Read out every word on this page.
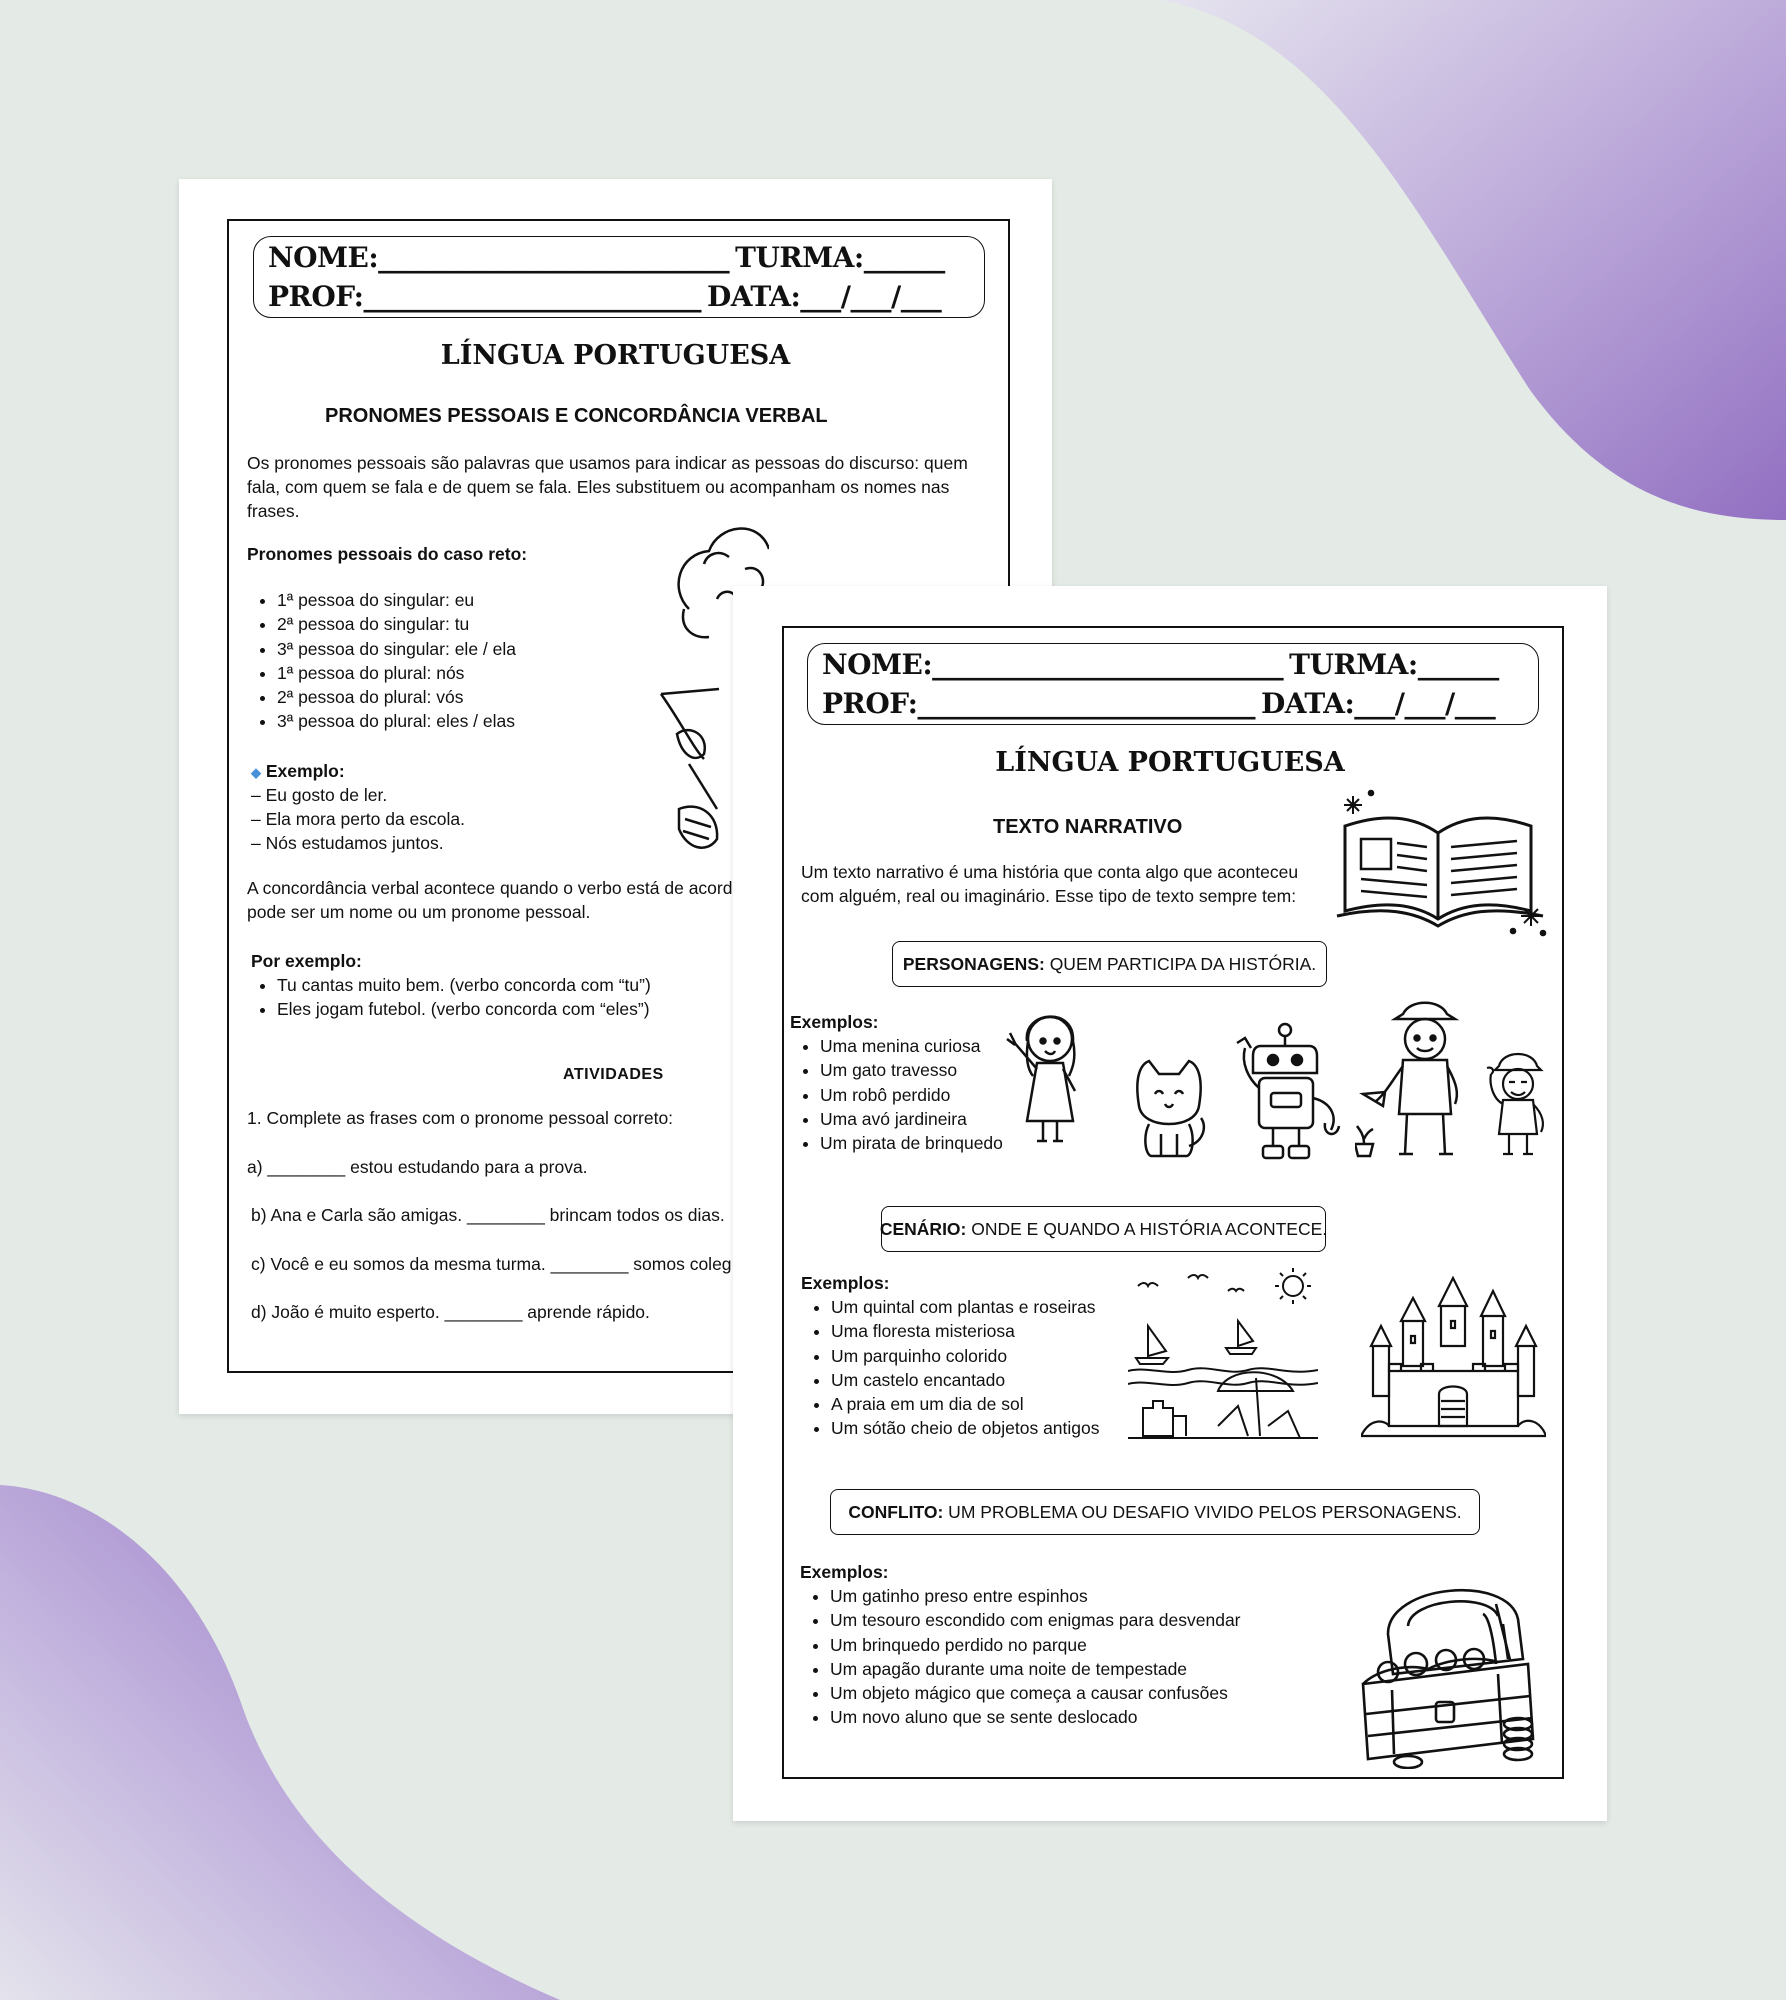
NOME:__________________________ TURMA:______
PROF:_________________________ DATA:___/___/___
LÍNGUA PORTUGUESA
PRONOMES PESSOAIS E CONCORDÂNCIA VERBAL
Os pronomes pessoais são palavras que usamos para indicar as pessoas do discurso: quem
fala, com quem se fala e de quem se fala. Eles substituem ou acompanham os nomes nas
frases.
Pronomes pessoais do caso reto:
• 1ª pessoa do singular: eu
• 2ª pessoa do singular: tu
• 3ª pessoa do singular: ele / ela
• 1ª pessoa do plural: nós
• 2ª pessoa do plural: vós
• 3ª pessoa do plural: eles / elas
◆ Exemplo:
– Eu gosto de ler.
– Ela mora perto da escola.
– Nós estudamos juntos.
A concordância verbal acontece quando o verbo está de acord
pode ser um nome ou um pronome pessoal.
Por exemplo:
• Tu cantas muito bem. (verbo concorda com “tu”)
• Eles jogam futebol. (verbo concorda com “eles”)
ATIVIDADES
1. Complete as frases com o pronome pessoal correto:
a) ________ estou estudando para a prova.
b) Ana e Carla são amigas. ________ brincam todos os dias.
c) Você e eu somos da mesma turma. ________ somos coleg
d) João é muito esperto. ________ aprende rápido.
NOME:__________________________ TURMA:______
PROF:_________________________ DATA:___/___/___
LÍNGUA PORTUGUESA
TEXTO NARRATIVO
Um texto narrativo é uma história que conta algo que aconteceu
com alguém, real ou imaginário. Esse tipo de texto sempre tem:
PERSONAGENS: QUEM PARTICIPA DA HISTÓRIA.
Exemplos:
• Uma menina curiosa
• Um gato travesso
• Um robô perdido
• Uma avó jardineira
• Um pirata de brinquedo
CENÁRIO: ONDE E QUANDO A HISTÓRIA ACONTECE.
Exemplos:
• Um quintal com plantas e roseiras
• Uma floresta misteriosa
• Um parquinho colorido
• Um castelo encantado
• A praia em um dia de sol
• Um sótão cheio de objetos antigos
CONFLITO: UM PROBLEMA OU DESAFIO VIVIDO PELOS PERSONAGENS.
Exemplos:
• Um gatinho preso entre espinhos
• Um tesouro escondido com enigmas para desvendar
• Um brinquedo perdido no parque
• Um apagão durante uma noite de tempestade
• Um objeto mágico que começa a causar confusões
• Um novo aluno que se sente deslocado
